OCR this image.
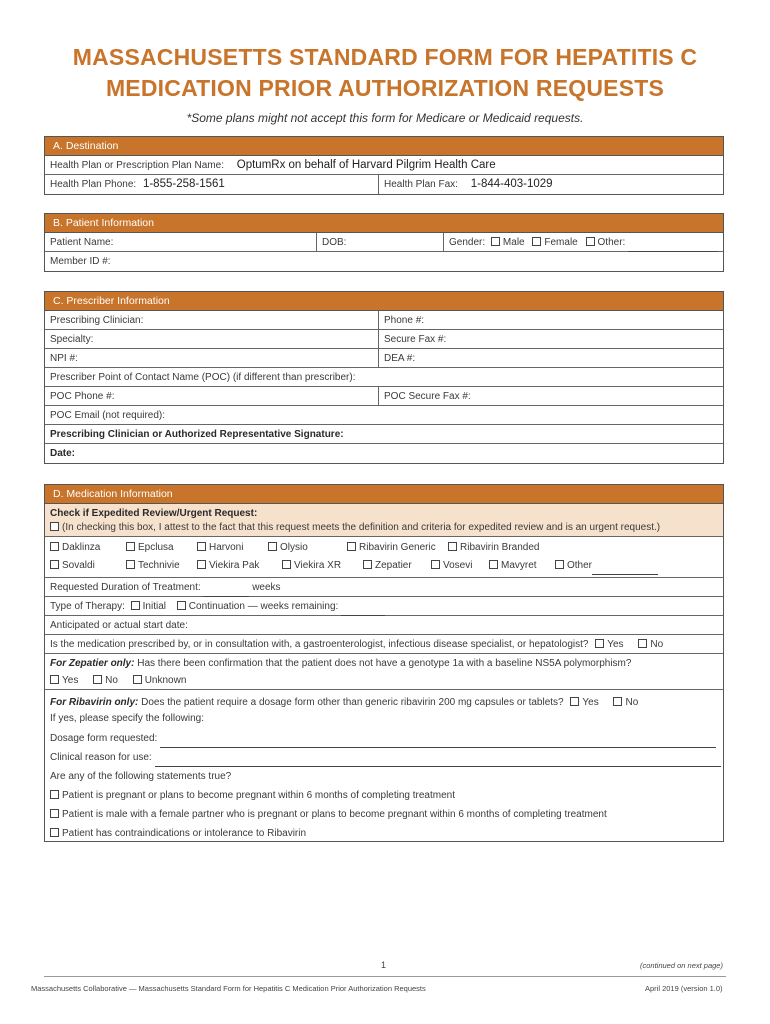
MASSACHUSETTS STANDARD FORM FOR HEPATITIS C
MEDICATION PRIOR AUTHORIZATION REQUESTS
*Some plans might not accept this form for Medicare or Medicaid requests.
A. Destination
Health Plan or Prescription Plan Name: OptumRx on behalf of Harvard Pilgrim Health Care
Health Plan Phone: 1-855-258-1561	Health Plan Fax: 1-844-403-1029
B. Patient Information
Patient Name:	DOB:	Gender: Male Female Other:
Member ID #:
C. Prescriber Information
Prescribing Clinician:	Phone #:
Specialty:	Secure Fax #:
NPI #:	DEA #:
Prescriber Point of Contact Name (POC) (if different than prescriber):
POC Phone #:	POC Secure Fax #:
POC Email (not required):
Prescribing Clinician or Authorized Representative Signature:
Date:
D. Medication Information
Check if Expedited Review/Urgent Request:
(In checking this box, I attest to the fact that this request meets the definition and criteria for expedited review and is an urgent request.)
Daklinza	Epclusa	Harvoni	Olysio	Ribavirin Generic	Ribavirin Branded
Sovaldi	Technivie	Viekira Pak	Viekira XR	Zepatier	Vosevi	Mavyret	Other
Requested Duration of Treatment:	weeks
Type of Therapy: Initial Continuation — weeks remaining:
Anticipated or actual start date:
Is the medication prescribed by, or in consultation with, a gastroenterologist, infectious disease specialist, or hepatologist? Yes	No
For Zepatier only: Has there been confirmation that the patient does not have a genotype 1a with a baseline NS5A polymorphism?
Yes	No	Unknown
For Ribavirin only: Does the patient require a dosage form other than generic ribavirin 200 mg capsules or tablets? Yes	No
If yes, please specify the following:
Dosage form requested:
Clinical reason for use:
Are any of the following statements true?
Patient is pregnant or plans to become pregnant within 6 months of completing treatment
Patient is male with a female partner who is pregnant or plans to become pregnant within 6 months of completing treatment
Patient has contraindications or intolerance to Ribavirin
1	(continued on next page)
Massachusetts Collaborative — Massachusetts Standard Form for Hepatitis C Medication Prior Authorization Requests	April 2019 (version 1.0)
